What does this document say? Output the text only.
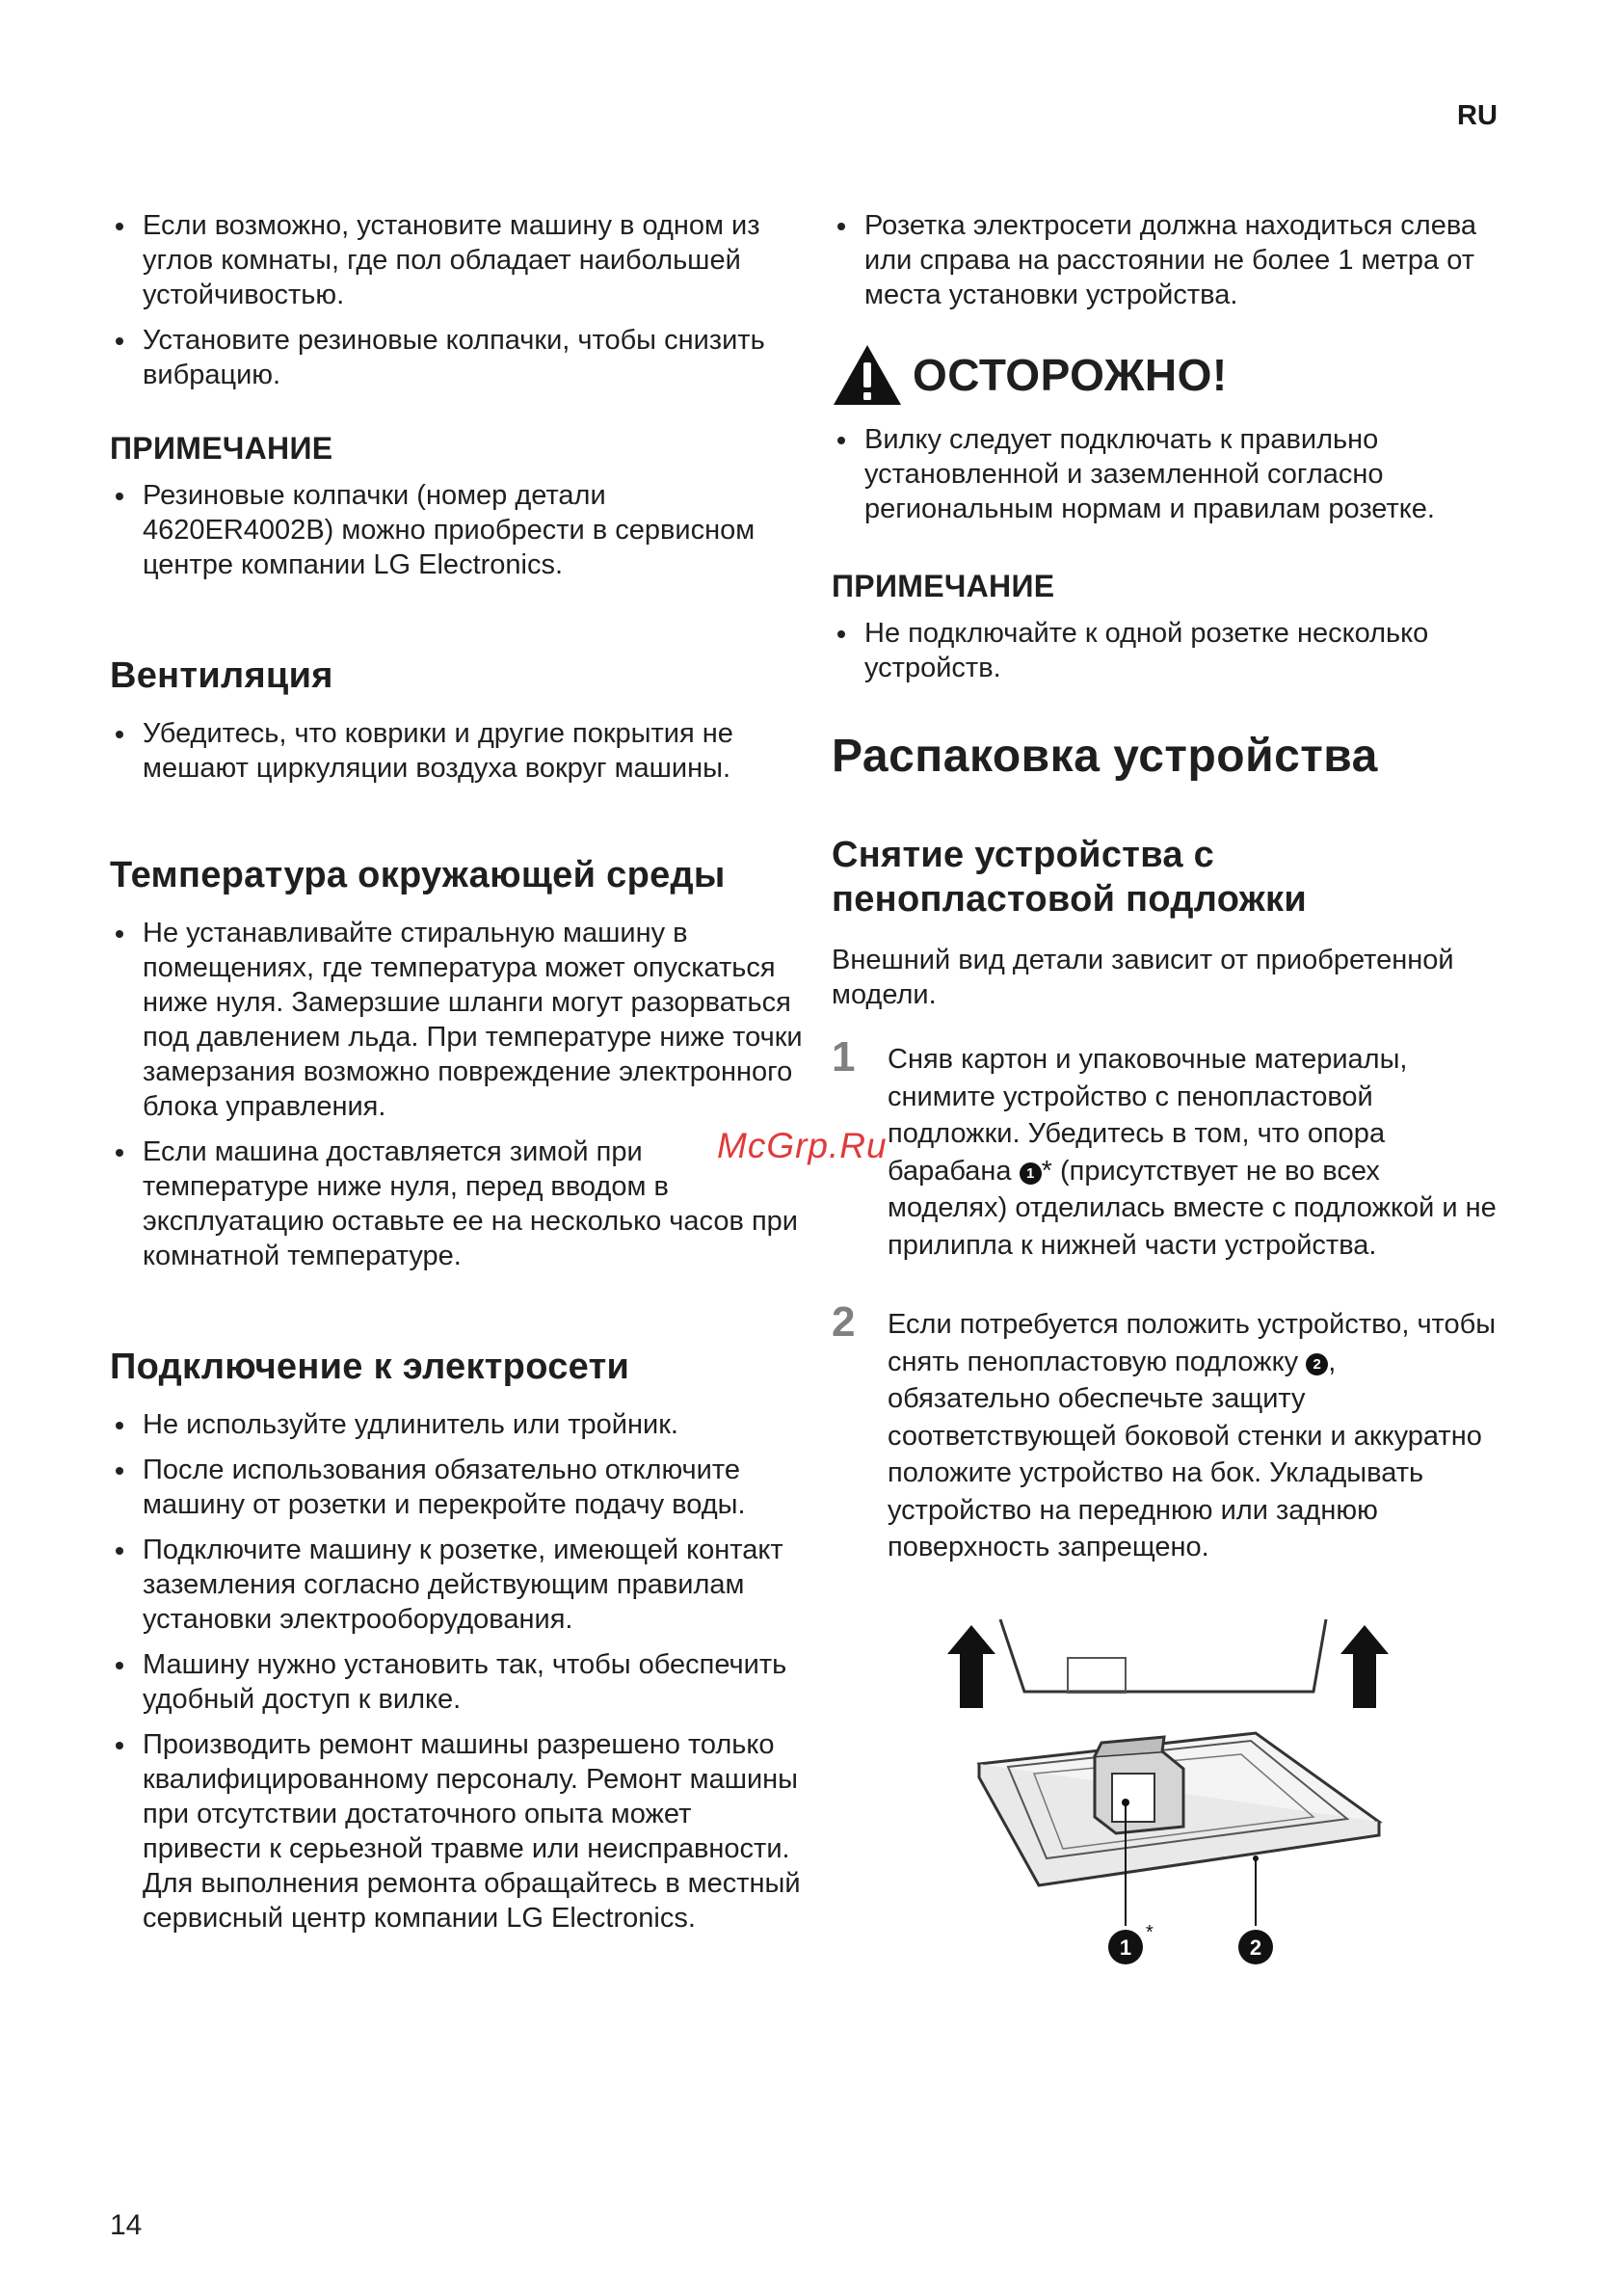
RU
Если возможно, установите машину в одном из углов комнаты, где пол обладает наибольшей устойчивостью.
Установите резиновые колпачки, чтобы снизить вибрацию.
ПРИМЕЧАНИЕ
Резиновые колпачки (номер детали 4620ER4002B) можно приобрести в сервисном центре компании LG Electronics.
Вентиляция
Убедитесь, что коврики и другие покрытия не мешают циркуляции воздуха вокруг машины.
Температура окружающей среды
Не устанавливайте стиральную машину в помещениях, где температура может опускаться ниже нуля. Замерзшие шланги могут разорваться под давлением льда. При температуре ниже точки замерзания возможно повреждение электронного блока управления.
Если машина доставляется зимой при температуре ниже нуля, перед вводом в эксплуатацию оставьте ее на несколько часов при комнатной температуре.
Подключение к электросети
Не используйте удлинитель или тройник.
После использования обязательно отключите машину от розетки и перекройте подачу воды.
Подключите машину к розетке, имеющей контакт заземления согласно действующим правилам установки электрооборудования.
Машину нужно установить так, чтобы обеспечить удобный доступ к вилке.
Производить ремонт машины разрешено только квалифицированному персоналу. Ремонт машины при отсутствии достаточного опыта может привести к серьезной травме или неисправности. Для выполнения ремонта обращайтесь в местный сервисный центр компании LG Electronics.
Розетка электросети должна находиться слева или справа на расстоянии не более 1 метра от места установки устройства.
ОСТОРОЖНО!
Вилку следует подключать к правильно установленной и заземленной согласно региональным нормам и правилам розетке.
ПРИМЕЧАНИЕ
Не подключайте к одной розетке несколько устройств.
Распаковка устройства
Снятие устройства с
пенопластовой подложки

Внешний вид детали зависит от приобретенной модели.

1 Сняв картон и упаковочные материалы, снимите устройство с пенопластовой подложки. Убедитесь в том, что опора барабана 1 * (присутствует не во всех моделях) отделилась вместе с подложкой и не прилипла к нижней части устройства.
2 Если потребуется положить устройство, чтобы снять пенопластовую подложку 2 , обязательно обеспечьте защиту соответствующей боковой стенки и аккуратно положите устройство на бок. Укладывать устройство на переднюю или заднюю поверхность запрещено.
1
*
2
McGrp.Ru
14
